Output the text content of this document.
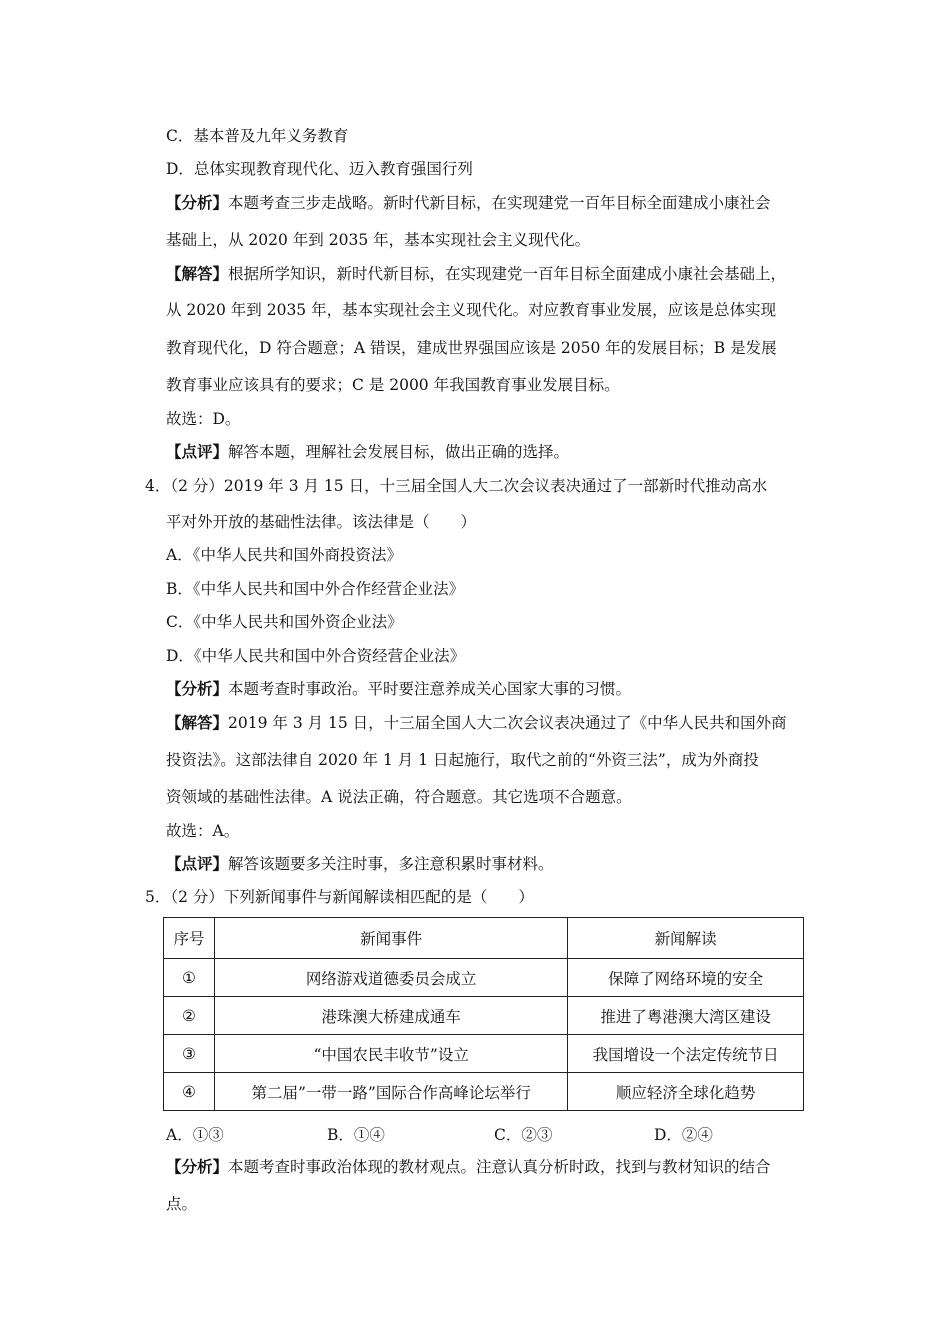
C．基本普及九年义务教育
D．总体实现教育现代化、迈入教育强国行列
【分析】本题考查三步走战略。新时代新目标，在实现建党一百年目标全面建成小康社会
基础上，从 2020 年到 2035 年，基本实现社会主义现代化。
【解答】根据所学知识，新时代新目标，在实现建党一百年目标全面建成小康社会基础上，
从 2020 年到 2035 年，基本实现社会主义现代化。对应教育事业发展，应该是总体实现
教育现代化，D 符合题意；A 错误，建成世界强国应该是 2050 年的发展目标；B 是发展
教育事业应该具有的要求；C 是 2000 年我国教育事业发展目标。
故选：D。
【点评】解答本题，理解社会发展目标，做出正确的选择。
4．（2 分）2019 年 3 月 15 日，十三届全国人大二次会议表决通过了一部新时代推动高水
平对外开放的基础性法律。该法律是（　　）
A．《中华人民共和国外商投资法》
B．《中华人民共和国中外合作经营企业法》
C．《中华人民共和国外资企业法》
D．《中华人民共和国中外合资经营企业法》
【分析】本题考查时事政治。平时要注意养成关心国家大事的习惯。
【解答】2019 年 3 月 15 日，十三届全国人大二次会议表决通过了《中华人民共和国外商
投资法》。这部法律自 2020 年 1 月 1 日起施行，取代之前的“外资三法”，成为外商投
资领域的基础性法律。A 说法正确，符合题意。其它选项不合题意。
故选：A。
【点评】解答该题要多关注时事，多注意积累时事材料。
5．（2 分）下列新闻事件与新闻解读相匹配的是（　　）
序号	新闻事件	新闻解读
①	网络游戏道德委员会成立	保障了网络环境的安全
②	港珠澳大桥建成通车	推进了粤港澳大湾区建设
③	“中国农民丰收节”设立	我国增设一个法定传统节日
④	第二届”一带一路”国际合作高峰论坛举行	顺应轻济全球化趋势
A．①③	B．①④	C．②③	D．②④
【分析】本题考查时事政治体现的教材观点。注意认真分析时政，找到与教材知识的结合
点。
